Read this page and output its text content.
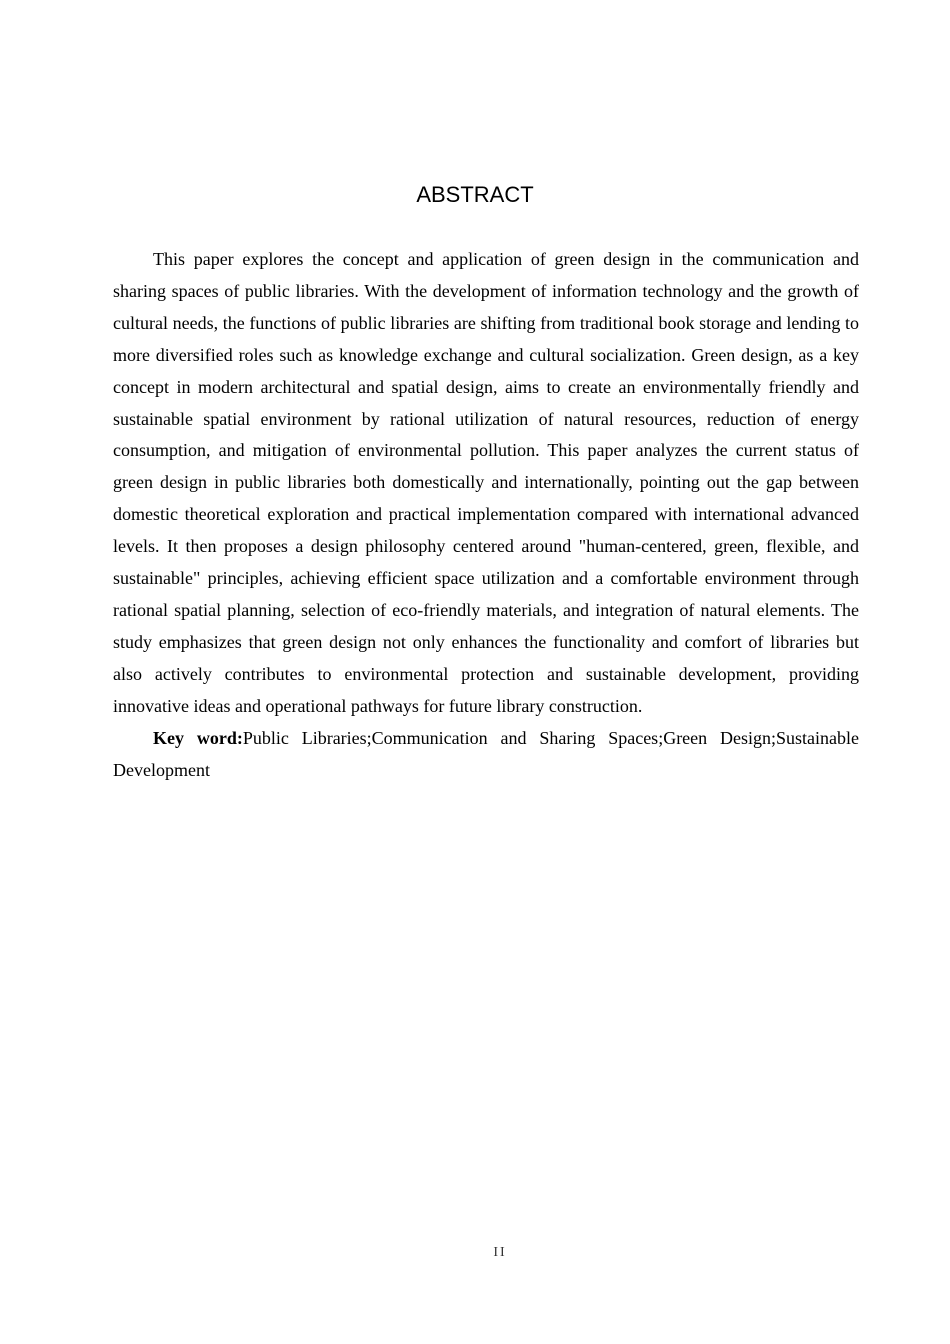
ABSTRACT

This paper explores the concept and application of green design in the communication and sharing spaces of public libraries. With the development of information technology and the growth of cultural needs, the functions of public libraries are shifting from traditional book storage and lending to more diversified roles such as knowledge exchange and cultural socialization. Green design, as a key concept in modern architectural and spatial design, aims to create an environmentally friendly and sustainable spatial environment by rational utilization of natural resources, reduction of energy consumption, and mitigation of environmental pollution. This paper analyzes the current status of green design in public libraries both domestically and internationally, pointing out the gap between domestic theoretical exploration and practical implementation compared with international advanced levels. It then proposes a design philosophy centered around "human-centered, green, flexible, and sustainable" principles, achieving efficient space utilization and a comfortable environment through rational spatial planning, selection of eco-friendly materials, and integration of natural elements. The study emphasizes that green design not only enhances the functionality and comfort of libraries but also actively contributes to environmental protection and sustainable development, providing innovative ideas and operational pathways for future library construction.

Key word:Public Libraries;Communication and Sharing Spaces;Green Design;Sustainable Development

II
